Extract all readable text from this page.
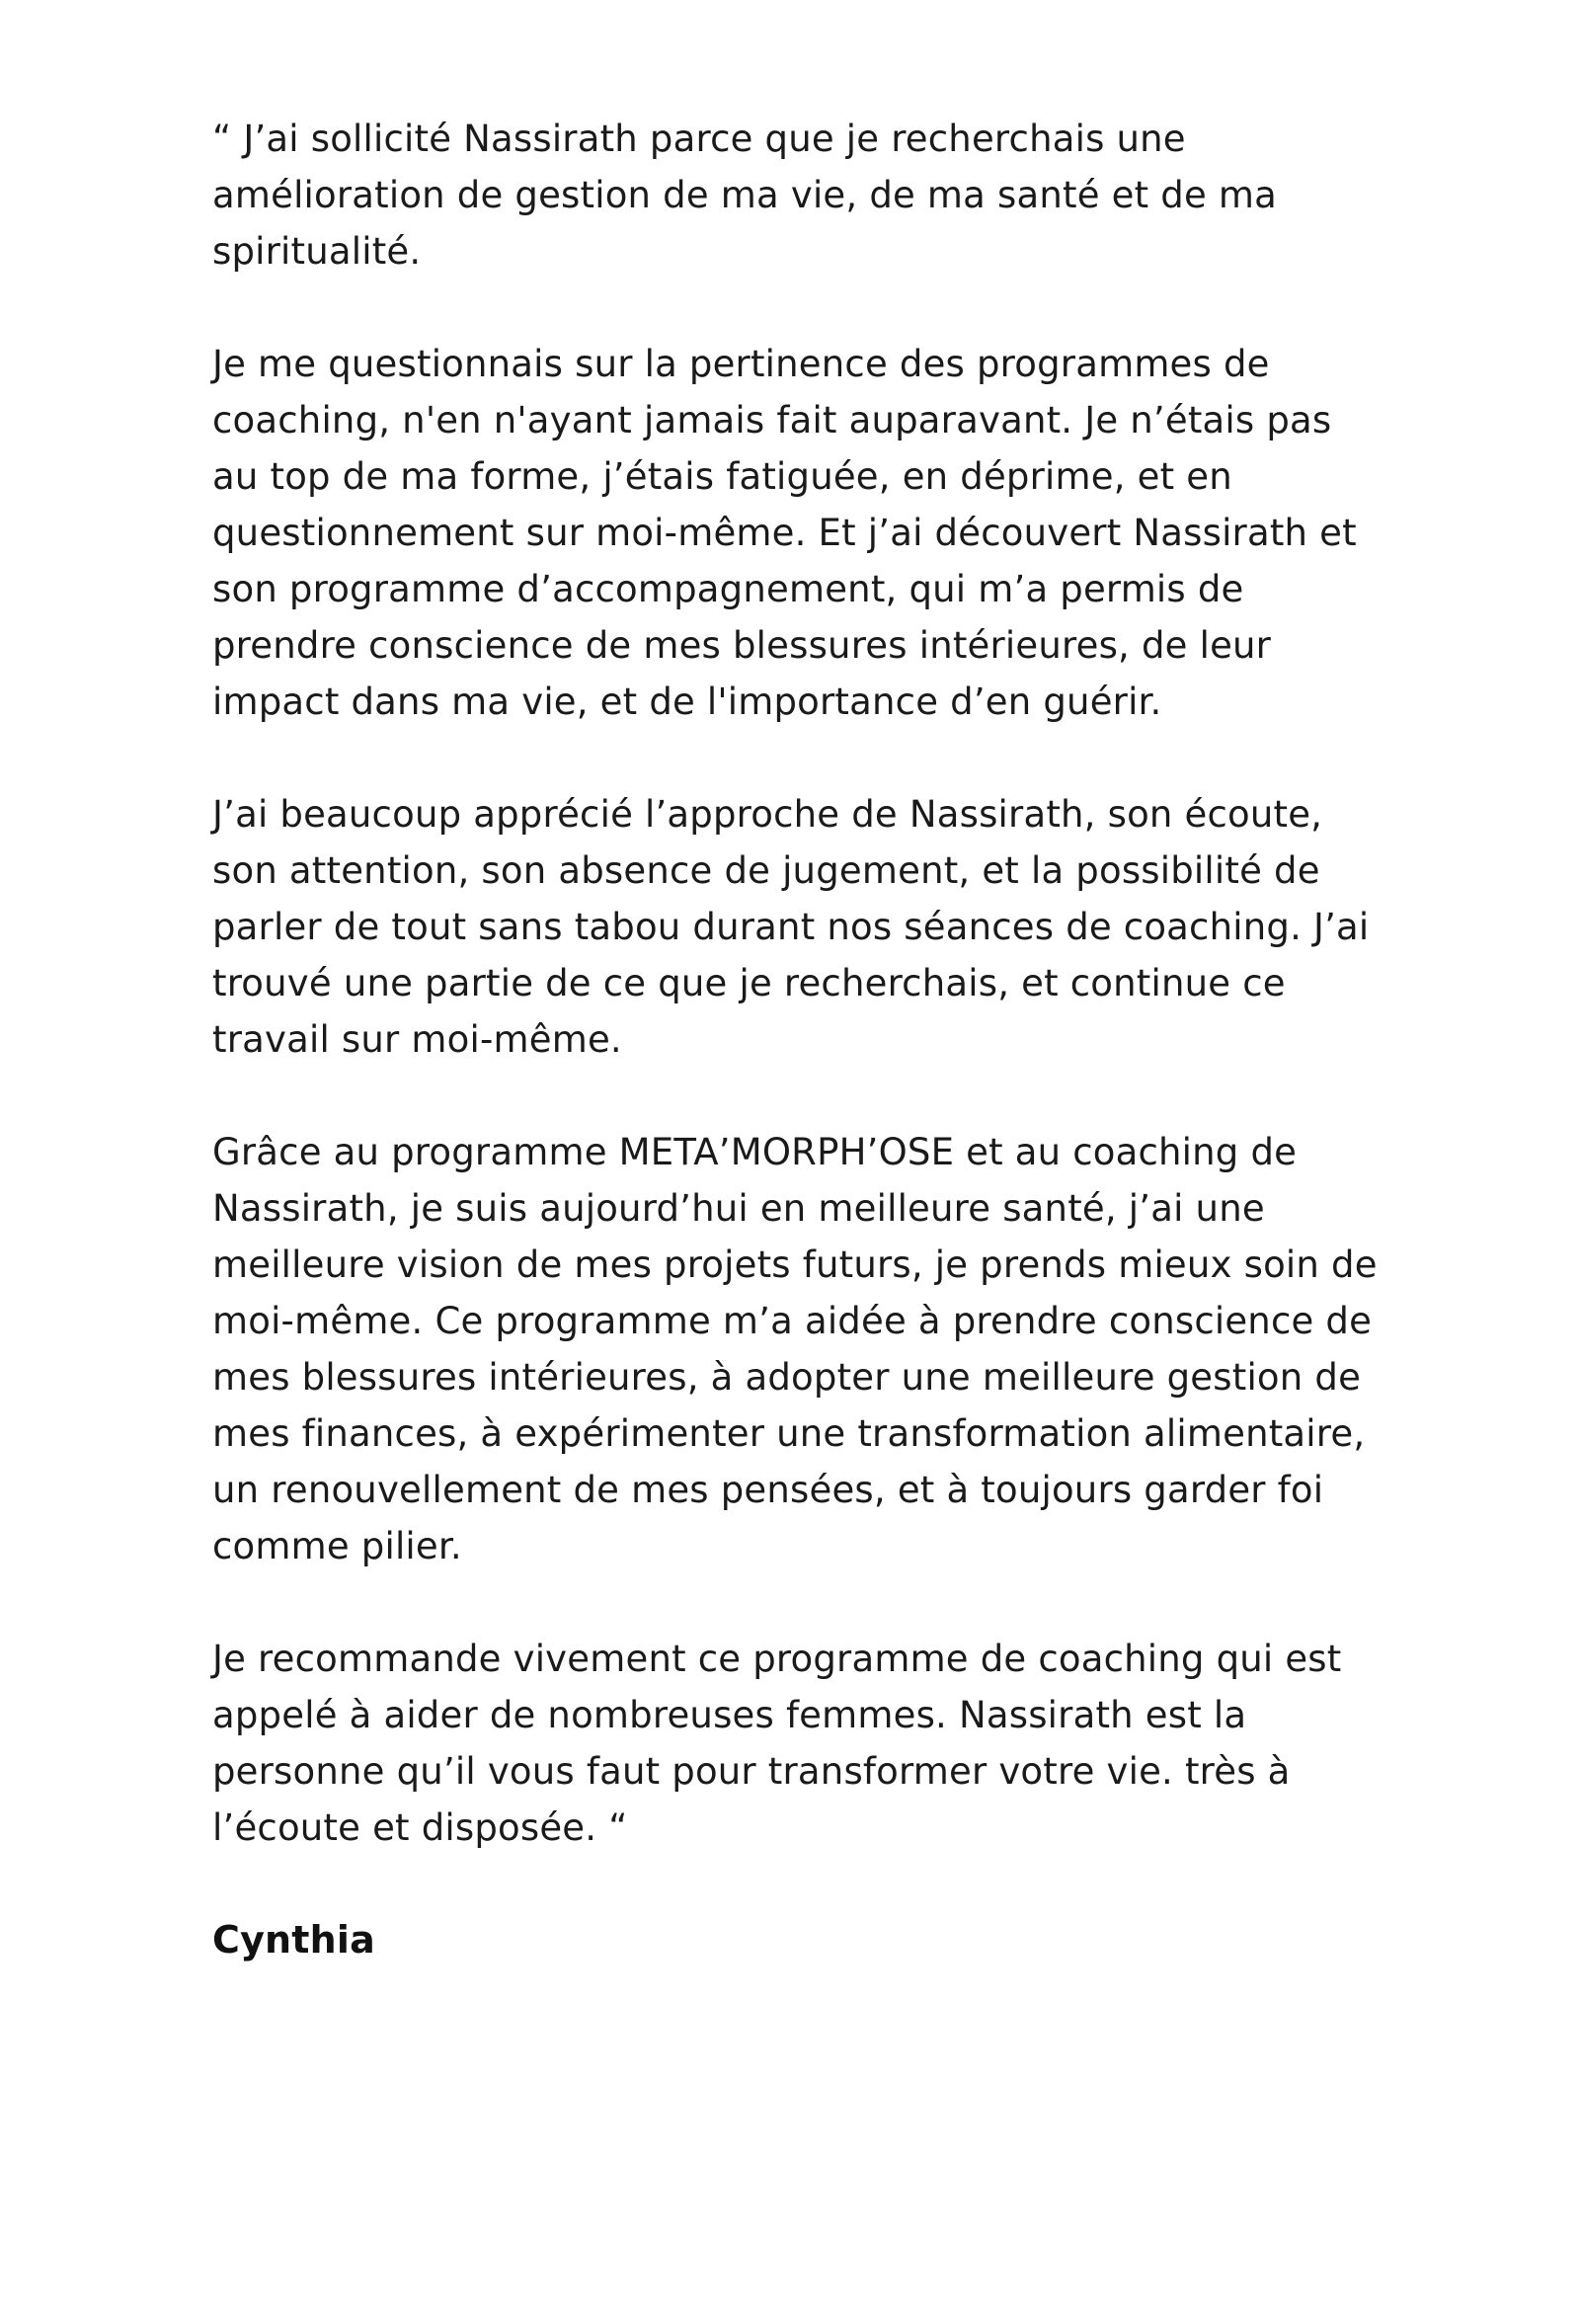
“ J’ai sollicité Nassirath parce que je recherchais une amélioration de gestion de ma vie, de ma santé et de ma spiritualité.

Je me questionnais sur la pertinence des programmes de coaching, n'en n'ayant jamais fait auparavant. Je n’étais pas au top de ma forme, j’étais fatiguée, en déprime, et en questionnement sur moi-même. Et j’ai découvert Nassirath et son programme d’accompagnement, qui m’a permis de prendre conscience de mes blessures intérieures, de leur impact dans ma vie, et de l'importance d’en guérir.

J’ai beaucoup apprécié l’approche de Nassirath, son écoute, son attention, son absence de jugement, et la possibilité de parler de tout sans tabou durant nos séances de coaching. J’ai trouvé une partie de ce que je recherchais, et continue ce travail sur moi-même.

Grâce au programme META’MORPH’OSE et au coaching de Nassirath, je suis aujourd’hui en meilleure santé, j’ai une meilleure vision de mes projets futurs, je prends mieux soin de moi-même. Ce programme m’a aidée à prendre conscience de mes blessures intérieures, à adopter une meilleure gestion de mes finances, à expérimenter une transformation alimentaire, un renouvellement de mes pensées, et à toujours garder foi comme pilier.

Je recommande vivement ce programme de coaching qui est appelé à aider de nombreuses femmes. Nassirath est la personne qu’il vous faut pour transformer votre vie. très à l’écoute et disposée. “

Cynthia
